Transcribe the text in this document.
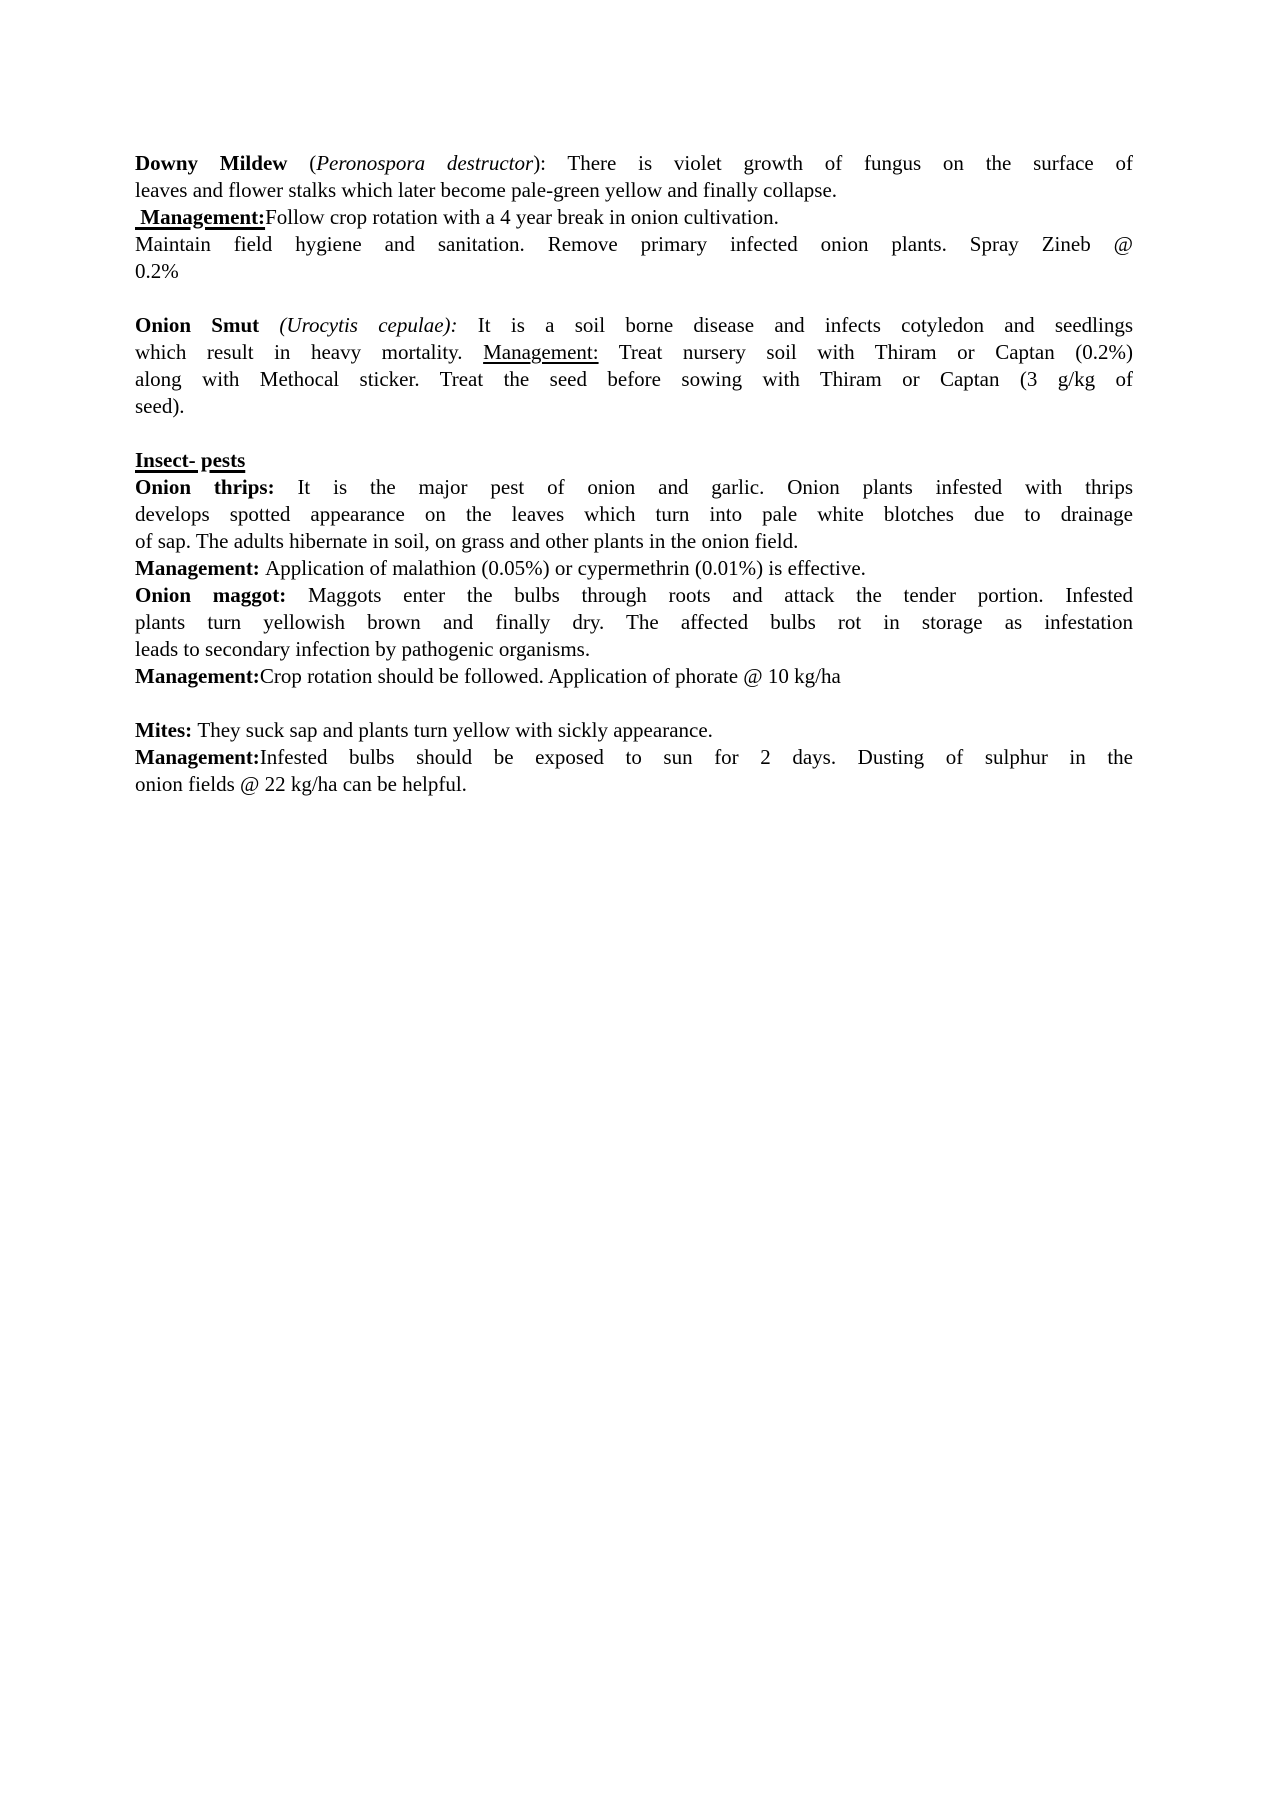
Downy Mildew (Peronospora destructor): There is violet growth of fungus on the surface of
leaves and flower stalks which later become pale-green yellow and finally collapse.
Management:Follow crop rotation with a 4 year break in onion cultivation.
Maintain field hygiene and sanitation. Remove primary infected onion plants. Spray Zineb @
0.2%

Onion Smut (Urocytis cepulae): It is a soil borne disease and infects cotyledon and seedlings
which result in heavy mortality. Management: Treat nursery soil with Thiram or Captan (0.2%)
along with Methocal sticker. Treat the seed before sowing with Thiram or Captan (3 g/kg of
seed).

Insect- pests
Onion thrips: It is the major pest of onion and garlic. Onion plants infested with thrips
develops spotted appearance on the leaves which turn into pale white blotches due to drainage
of sap. The adults hibernate in soil, on grass and other plants in the onion field.
Management: Application of malathion (0.05%) or cypermethrin (0.01%) is effective.
Onion maggot: Maggots enter the bulbs through roots and attack the tender portion. Infested
plants turn yellowish brown and finally dry. The affected bulbs rot in storage as infestation
leads to secondary infection by pathogenic organisms.
Management:Crop rotation should be followed. Application of phorate @ 10 kg/ha

Mites: They suck sap and plants turn yellow with sickly appearance.
Management:Infested bulbs should be exposed to sun for 2 days. Dusting of sulphur in the
onion fields @ 22 kg/ha can be helpful.
